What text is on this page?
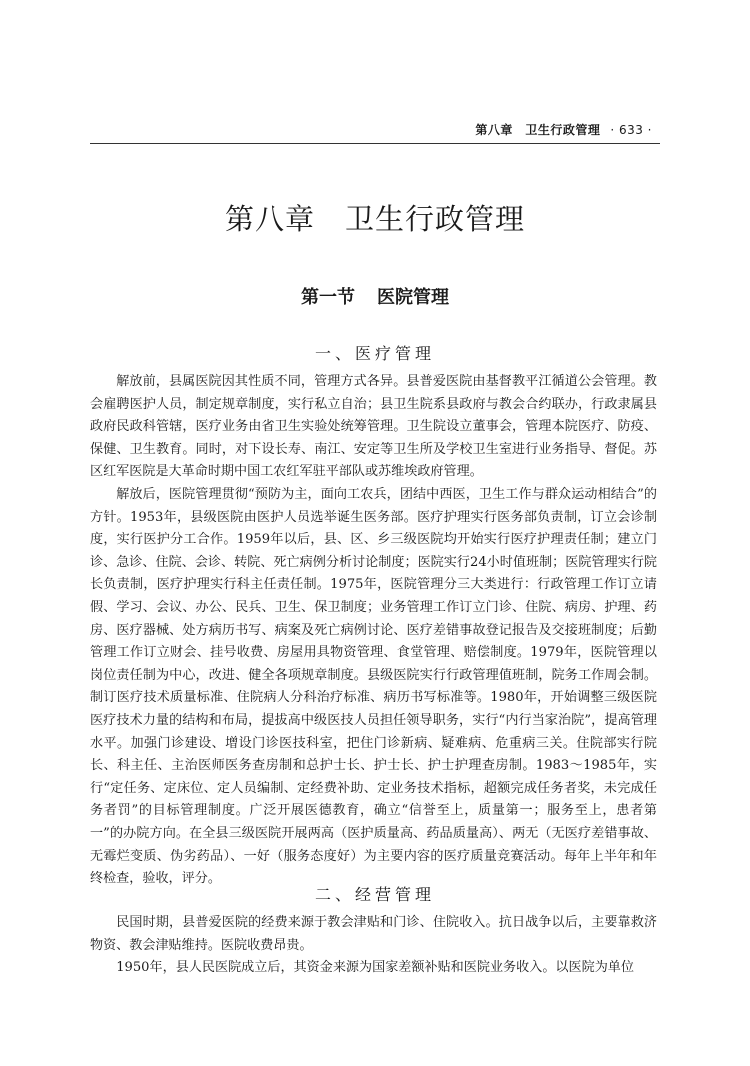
第八章　卫生行政管理 · 633 ·
第八章 卫生行政管理
第一节 医院管理
一、医疗管理

解放前，县属医院因其性质不同，管理方式各异。县普爱医院由基督教平江循道公会管理。教会雇聘医护人员，制定规章制度，实行私立自治；县卫生院系县政府与教会合约联办，行政隶属县政府民政科管辖，医疗业务由省卫生实验处统筹管理。卫生院设立董事会，管理本院医疗、防疫、保健、卫生教育。同时，对下设长寿、南江、安定等卫生所及学校卫生室进行业务指导、督促。苏区红军医院是大革命时期中国工农红军驻平部队或苏维埃政府管理。

解放后，医院管理贯彻“预防为主，面向工农兵，团结中西医，卫生工作与群众运动相结合”的方针。1953年，县级医院由医护人员选举诞生医务部。医疗护理实行医务部负责制，订立会诊制度，实行医护分工合作。1959年以后，县、区、乡三级医院均开始实行医疗护理责任制；建立门诊、急诊、住院、会诊、转院、死亡病例分析讨论制度；医院实行24小时值班制；医院管理实行院长负责制，医疗护理实行科主任责任制。1975年，医院管理分三大类进行：行政管理工作订立请假、学习、会议、办公、民兵、卫生、保卫制度；业务管理工作订立门诊、住院、病房、护理、药房、医疗器械、处方病历书写、病案及死亡病例讨论、医疗差错事故登记报告及交接班制度；后勤管理工作订立财会、挂号收费、房屋用具物资管理、食堂管理、赔偿制度。1979年，医院管理以岗位责任制为中心，改进、健全各项规章制度。县级医院实行行政管理值班制，院务工作周会制。制订医疗技术质量标准、住院病人分科治疗标准、病历书写标准等。1980年，开始调整三级医院医疗技术力量的结构和布局，提拔高中级医技人员担任领导职务，实行“内行当家治院”，提高管理水平。加强门诊建设、增设门诊医技科室，把住门诊新病、疑难病、危重病三关。住院部实行院长、科主任、主治医师医务查房制和总护士长、护士长、护士护理查房制。1983～1985年，实行“定任务、定床位、定人员编制、定经费补助、定业务技术指标，超额完成任务者奖，未完成任务者罚”的目标管理制度。广泛开展医德教育，确立“信誉至上，质量第一；服务至上，患者第一”的办院方向。在全县三级医院开展两高（医护质量高、药品质量高）、两无（无医疗差错事故、无霉烂变质、伪劣药品）、一好（服务态度好）为主要内容的医疗质量竞赛活动。每年上半年和年终检查，验收，评分。

二、经营管理

民国时期，县普爱医院的经费来源于教会津贴和门诊、住院收入。抗日战争以后，主要靠救济物资、教会津贴维持。医院收费昂贵。

1950年，县人民医院成立后，其资金来源为国家差额补贴和医院业务收入。以医院为单位
